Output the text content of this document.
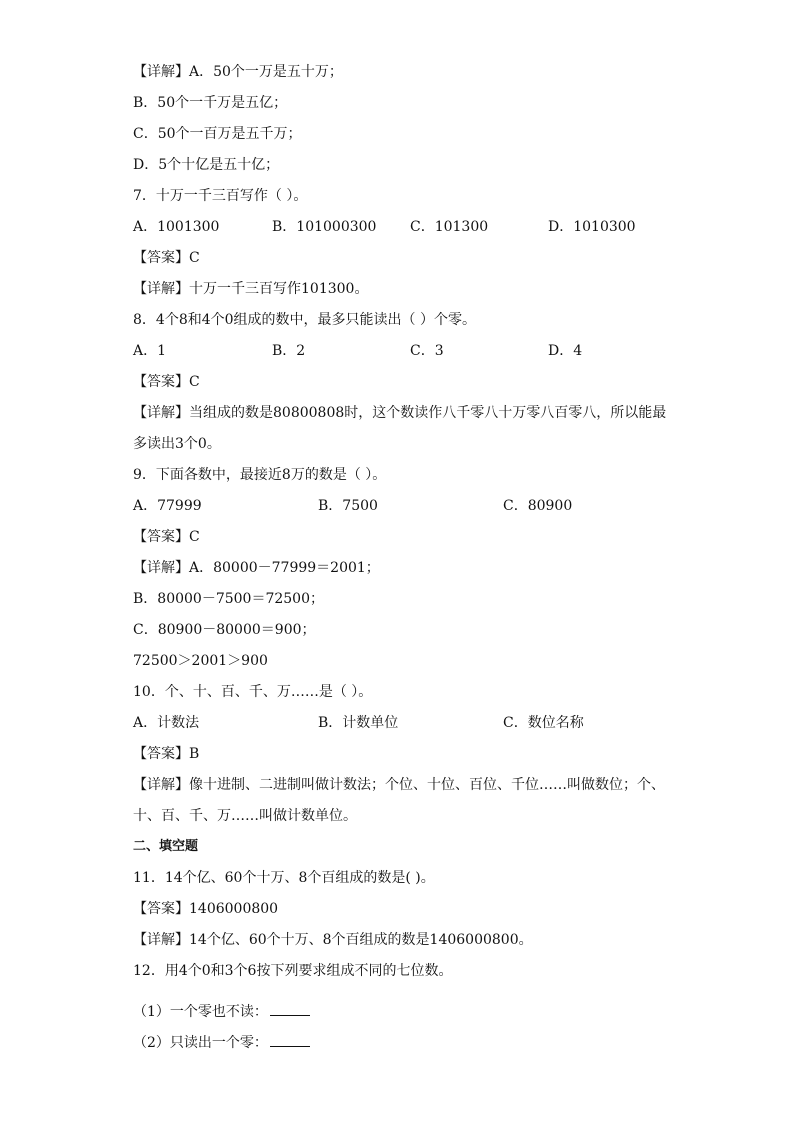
【详解】A．50个一万是五十万；
B．50个一千万是五亿；
C．50个一百万是五千万；
D．5个十亿是五十亿；
7．十万一千三百写作（ ）。
A．1001300	B．101000300 C．101300	D．1010300
【答案】C
【详解】十万一千三百写作101300。
8．4个8和4个0组成的数中，最多只能读出（ ）个零。
A．1	B．2	C．3	D．4
【答案】C
【详解】当组成的数是80800808时，这个数读作八千零八十万零八百零八，所以能最
多读出3个0。
9．下面各数中，最接近8万的数是（ ）。
A．77999	B．7500	C．80900
【答案】C
【详解】A．80000－77999＝2001；
B．80000－7500＝72500；
C．80900－80000＝900；
72500＞2001＞900
10．个、十、百、千、万……是（ ）。
A．计数法	B．计数单位	C．数位名称
【答案】B
【详解】像十进制、二进制叫做计数法；个位、十位、百位、千位……叫做数位；个、
十、百、千、万……叫做计数单位。
二、填空题
11．14个亿、60个十万、8个百组成的数是( )。
【答案】1406000800
【详解】14个亿、60个十万、8个百组成的数是1406000800。
12．用4个0和3个6按下列要求组成不同的七位数。
（1）一个零也不读：
（2）只读出一个零：
